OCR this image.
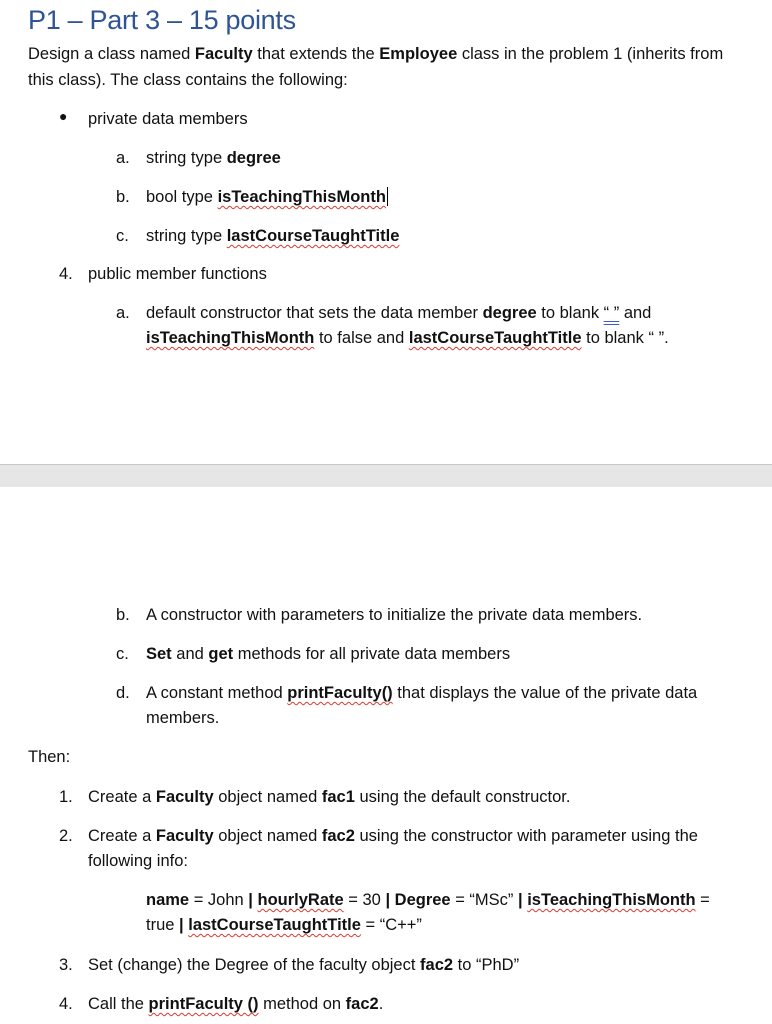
P1 – Part 3 – 15 points
Design a class named Faculty that extends the Employee class in the problem 1 (inherits from
this class). The class contains the following:
● private data members
a. string type degree
b. bool type isTeachingThisMonth
c. string type lastCourseTaughtTitle
4. public member functions
a. default constructor that sets the data member degree to blank “ ” and
isTeachingThisMonth to false and lastCourseTaughtTitle to blank “ ”.
b. A constructor with parameters to initialize the private data members.
c. Set and get methods for all private data members
d. A constant method printFaculty() that displays the value of the private data
members.
Then:
1. Create a Faculty object named fac1 using the default constructor.
2. Create a Faculty object named fac2 using the constructor with parameter using the
following info:
name = John | hourlyRate = 30 | Degree = “MSc” | isTeachingThisMonth =
true | lastCourseTaughtTitle = “C++”
3. Set (change) the Degree of the faculty object fac2 to “PhD”
4. Call the printFaculty () method on fac2.
